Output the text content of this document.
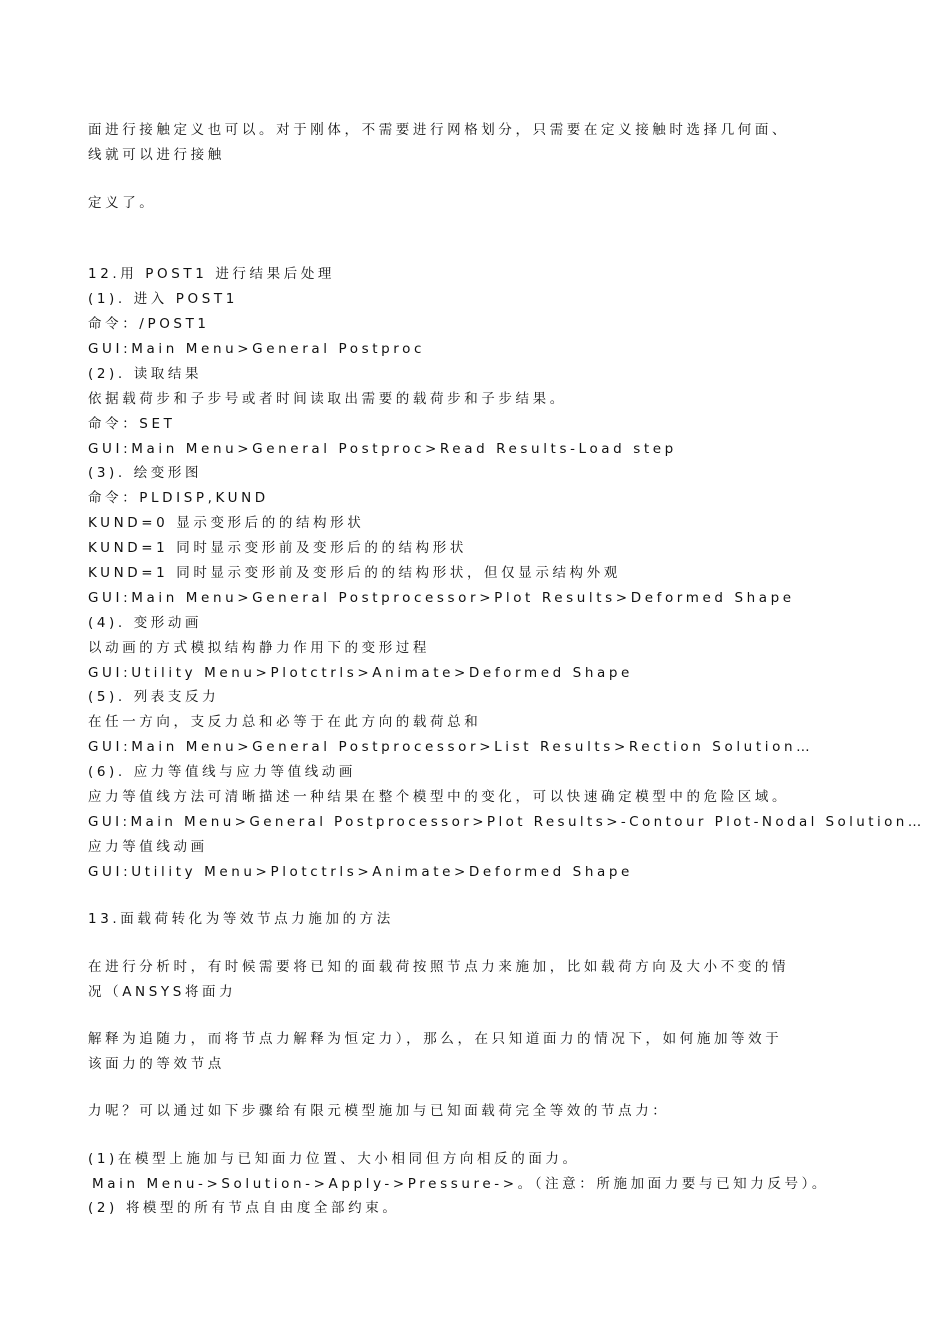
面进行接触定义也可以。对于刚体，不需要进行网格划分，只需要在定义接触时选择几何面、
线就可以进行接触
定义了。
12.用 POST1 进行结果后处理
(1). 进入 POST1
命令：/POST1
GUI:Main Menu>General Postproc
(2). 读取结果
依据载荷步和子步号或者时间读取出需要的载荷步和子步结果。
命令：SET
GUI:Main Menu>General Postproc>Read Results-Load step
(3). 绘变形图
命令：PLDISP,KUND
KUND=0 显示变形后的的结构形状
KUND=1 同时显示变形前及变形后的的结构形状
KUND=1 同时显示变形前及变形后的的结构形状，但仅显示结构外观
GUI:Main Menu>General Postprocessor>Plot Results>Deformed Shape
(4). 变形动画
以动画的方式模拟结构静力作用下的变形过程
GUI:Utility Menu>Plotctrls>Animate>Deformed Shape
(5). 列表支反力
在任一方向，支反力总和必等于在此方向的载荷总和
GUI:Main Menu>General Postprocessor>List Results>Rection Solution…
(6). 应力等值线与应力等值线动画
应力等值线方法可清晰描述一种结果在整个模型中的变化，可以快速确定模型中的危险区域。
GUI:Main Menu>General Postprocessor>Plot Results>-Contour Plot-Nodal Solution…
应力等值线动画
GUI:Utility Menu>Plotctrls>Animate>Deformed Shape
13.面载荷转化为等效节点力施加的方法
在进行分析时，有时候需要将已知的面载荷按照节点力来施加，比如载荷方向及大小不变的情
况（ANSYS将面力
解释为追随力，而将节点力解释为恒定力），那么，在只知道面力的情况下，如何施加等效于
该面力的等效节点
力呢？可以通过如下步骤给有限元模型施加与已知面载荷完全等效的节点力：
(1)在模型上施加与已知面力位置、大小相同但方向相反的面力。
Main Menu->Solution->Apply->Pressure->。（注意：所施加面力要与已知力反号）。
(2) 将模型的所有节点自由度全部约束。
